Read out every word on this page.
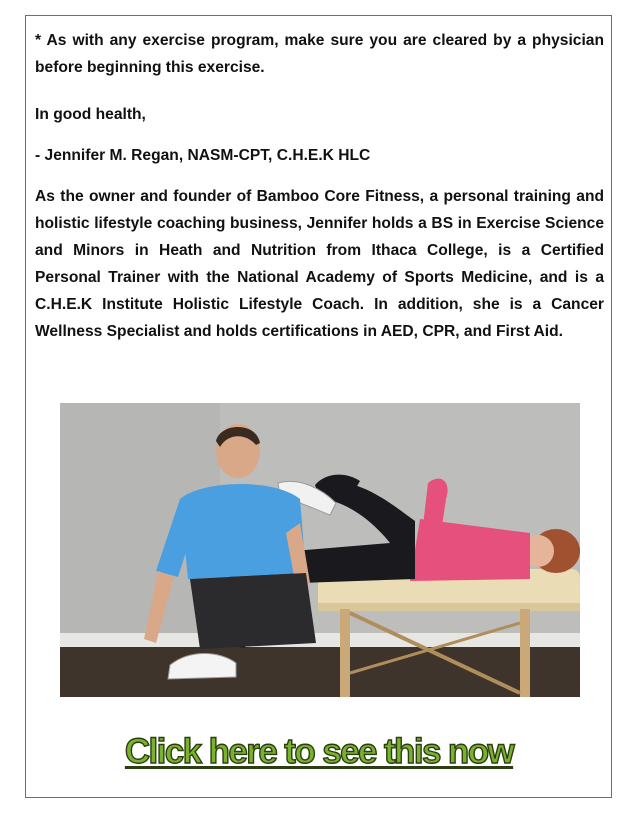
* As with any exercise program, make sure you are cleared by a physician before beginning this exercise.

In good health,

- Jennifer M. Regan, NASM-CPT, C.H.E.K HLC

As the owner and founder of Bamboo Core Fitness, a personal training and holistic lifestyle coaching business, Jennifer holds a BS in Exercise Science and Minors in Heath and Nutrition from Ithaca College, is a Certified Personal Trainer with the National Academy of Sports Medicine, and is a C.H.E.K Institute Holistic Lifestyle Coach. In addition, she is a Cancer Wellness Specialist and holds certifications in AED, CPR, and First Aid.

Click here to see this now
